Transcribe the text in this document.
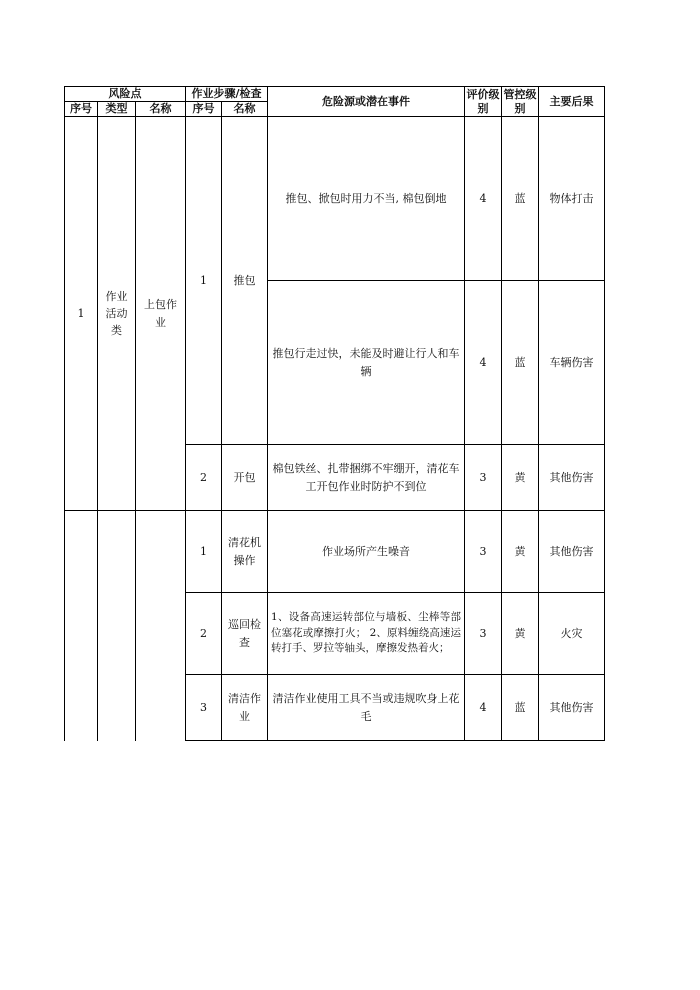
风险点			作业步骤/检查		危险源或潜在事件	评价级别	管控级别	主要后果
序号	类型	名称	序号	名称				
1	作业活动类	上包作业	1	推包	推包、掀包时用力不当, 棉包倒地	4	蓝	物体打击
					推包行走过快，未能及时避让行人和车辆	4	蓝	车辆伤害
			2	开包	棉包铁丝、扎带捆绑不牢绷开，清花车工开包作业时防护不到位	3	黄	其他伤害
			1	清花机操作	作业场所产生噪音	3	黄	其他伤害
			2	巡回检查	1、设备高速运转部位与墙板、尘棒等部位塞花或摩擦打火； 2、原料缠绕高速运转打手、罗拉等轴头，摩擦发热着火；	3	黄	火灾
			3	清洁作业	清洁作业使用工具不当或违规吹身上花毛	4	蓝	其他伤害
